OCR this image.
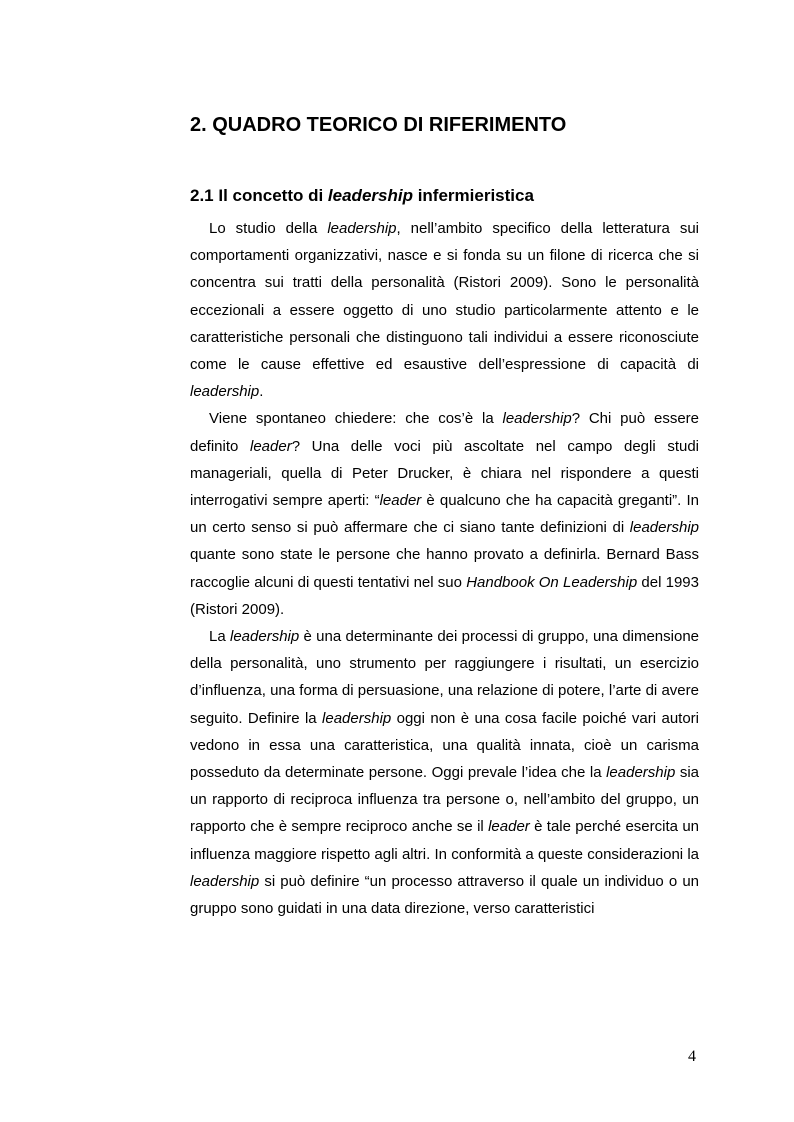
2. QUADRO TEORICO DI RIFERIMENTO
2.1 Il concetto di leadership infermieristica

Lo studio della leadership, nell’ambito specifico della letteratura sui comportamenti organizzativi, nasce e si fonda su un filone di ricerca che si concentra sui tratti della personalità (Ristori 2009). Sono le personalità eccezionali a essere oggetto di uno studio particolarmente attento e le caratteristiche personali che distinguono tali individui a essere riconosciute come le cause effettive ed esaustive dell’espressione di capacità di leadership.

Viene spontaneo chiedere: che cos’è la leadership? Chi può essere definito leader? Una delle voci più ascoltate nel campo degli studi manageriali, quella di Peter Drucker, è chiara nel rispondere a questi interrogativi sempre aperti: “leader è qualcuno che ha capacità greganti”. In un certo senso si può affermare che ci siano tante definizioni di leadership quante sono state le persone che hanno provato a definirla. Bernard Bass raccoglie alcuni di questi tentativi nel suo Handbook On Leadership del 1993 (Ristori 2009).

La leadership è una determinante dei processi di gruppo, una dimensione della personalità, uno strumento per raggiungere i risultati, un esercizio d’influenza, una forma di persuasione, una relazione di potere, l’arte di avere seguito. Definire la leadership oggi non è una cosa facile poiché vari autori vedono in essa una caratteristica, una qualità innata, cioè un carisma posseduto da determinate persone. Oggi prevale l’idea che la leadership sia un rapporto di reciproca influenza tra persone o, nell’ambito del gruppo, un rapporto che è sempre reciproco anche se il leader è tale perché esercita un influenza maggiore rispetto agli altri. In conformità a queste considerazioni la leadership si può definire “un processo attraverso il quale un individuo o un gruppo sono guidati in una data direzione, verso caratteristici

4
